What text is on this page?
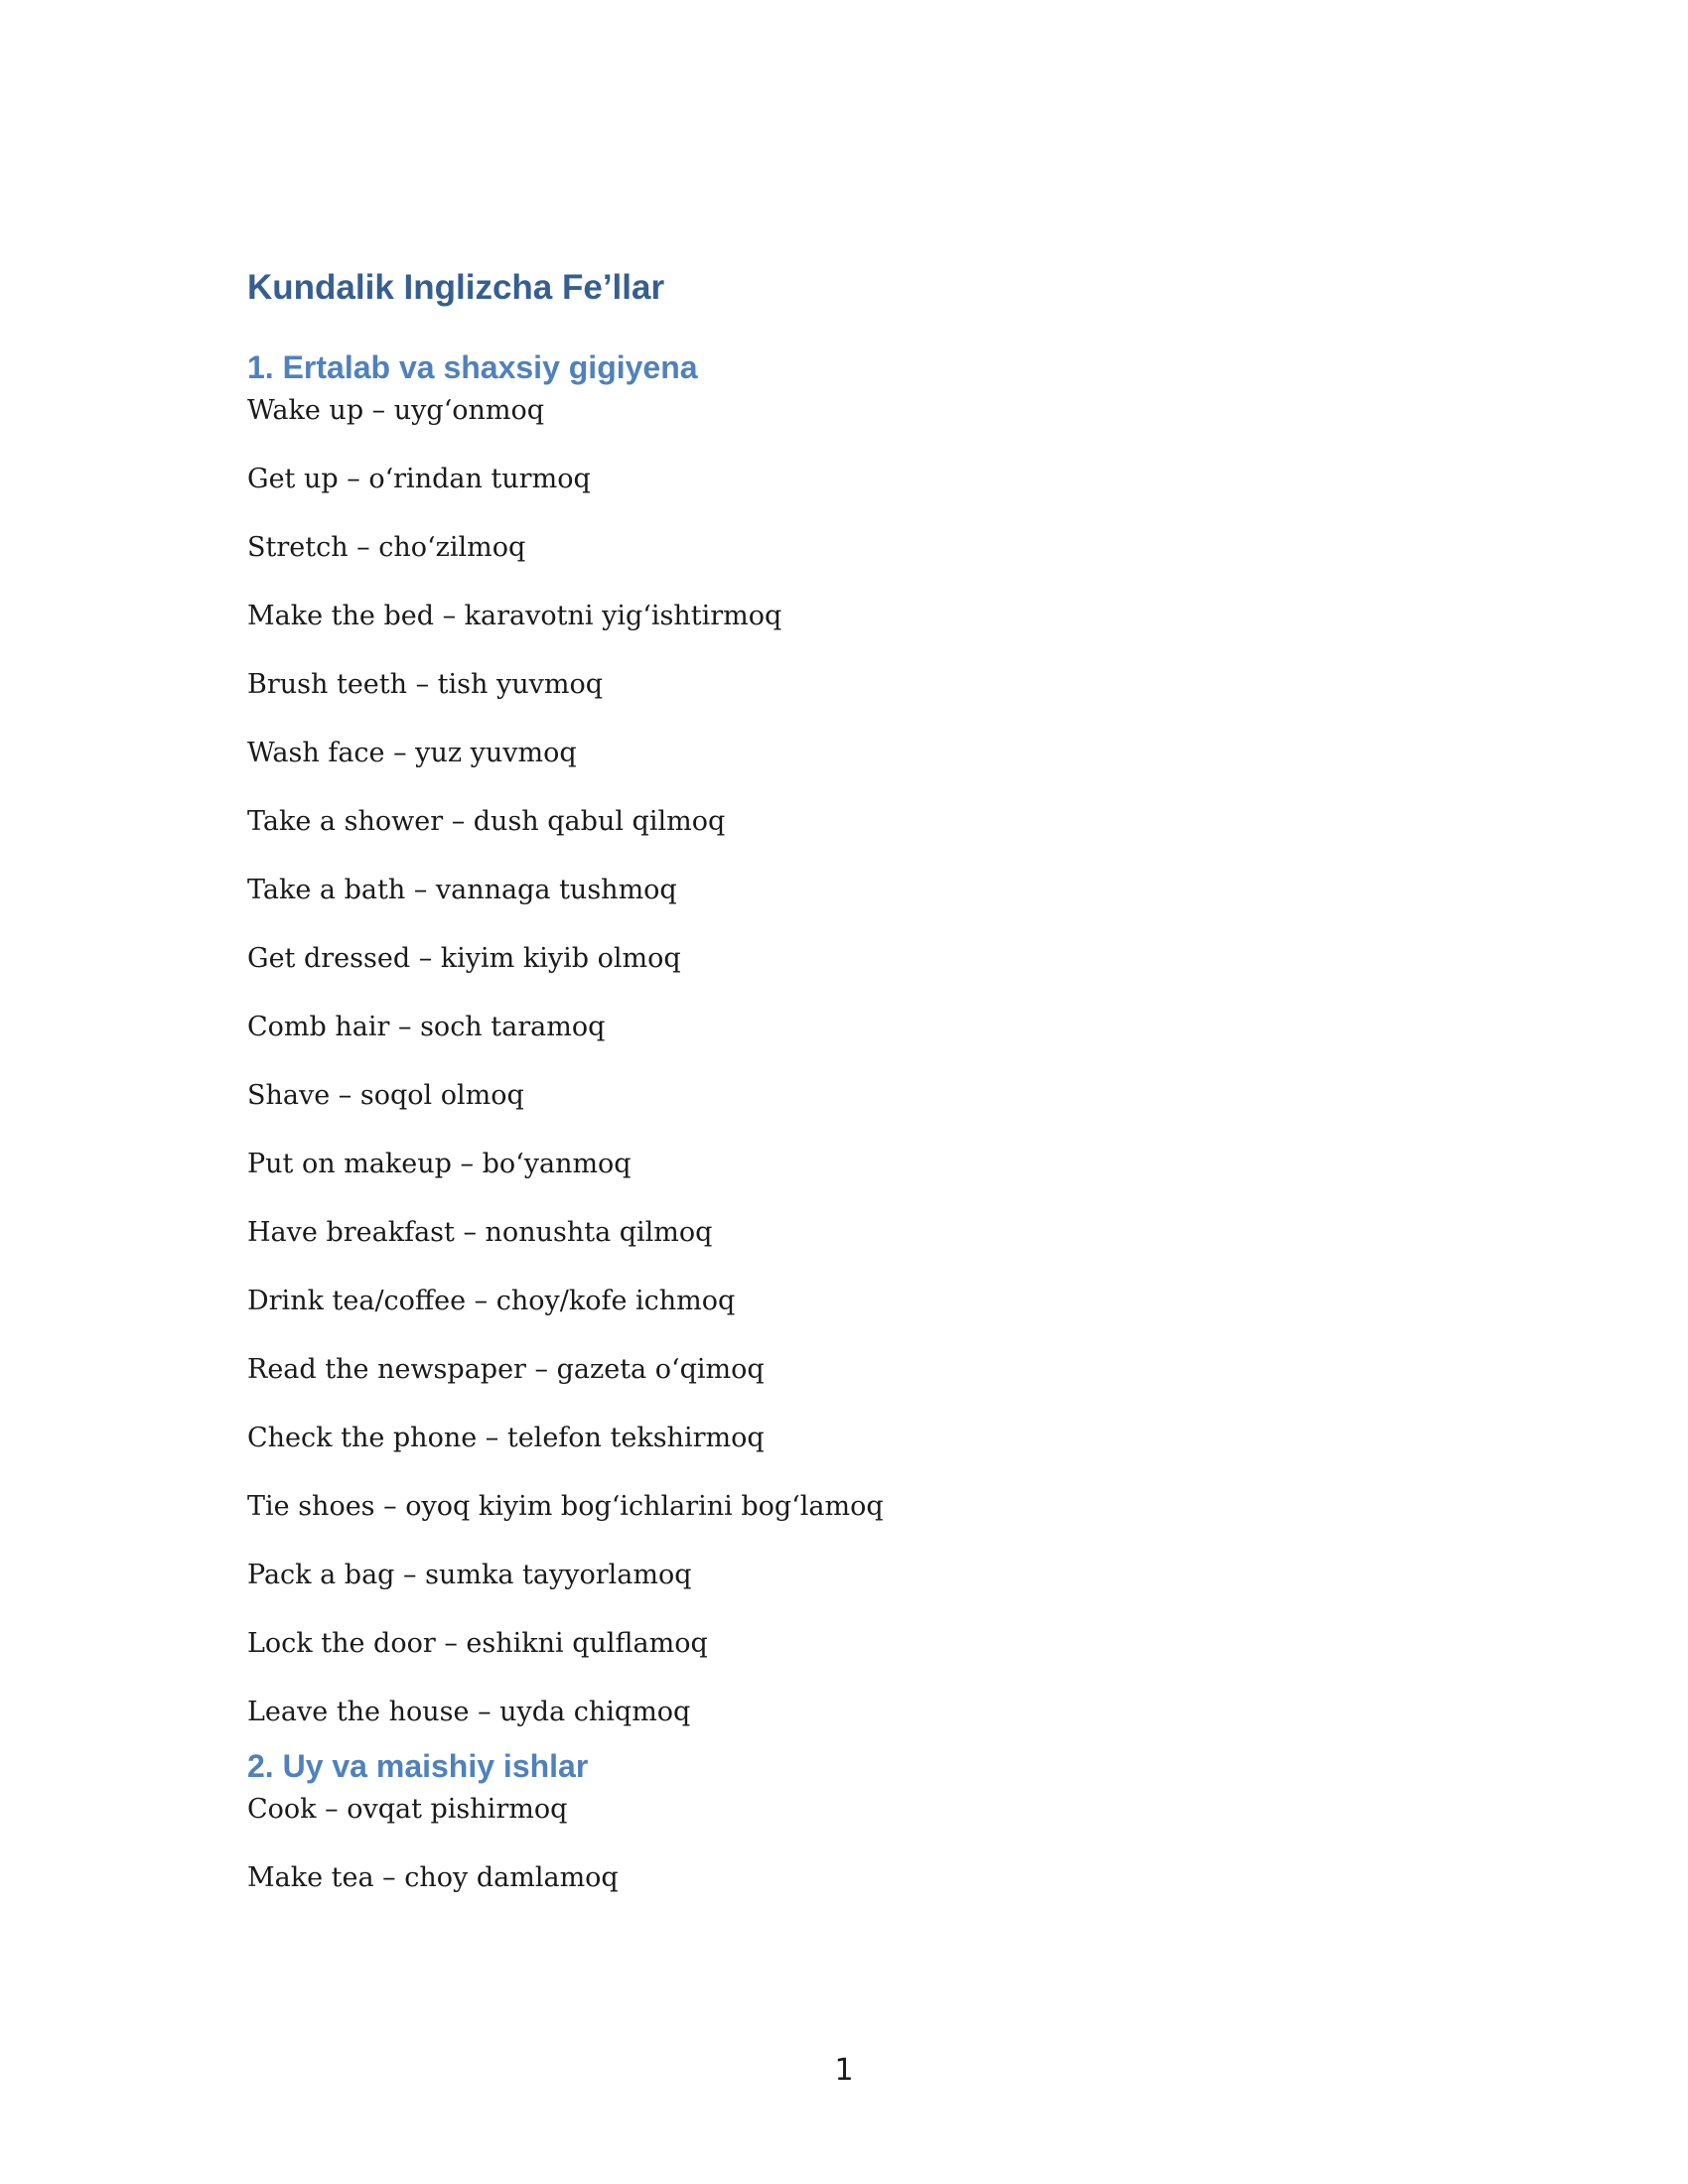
Kundalik Inglizcha Fe’llar
1. Ertalab va shaxsiy gigiyena

Wake up – uyg‘onmoq

Get up – o‘rindan turmoq

Stretch – cho‘zilmoq

Make the bed – karavotni yig‘ishtirmoq

Brush teeth – tish yuvmoq

Wash face – yuz yuvmoq

Take a shower – dush qabul qilmoq

Take a bath – vannaga tushmoq

Get dressed – kiyim kiyib olmoq

Comb hair – soch taramoq

Shave – soqol olmoq

Put on makeup – bo‘yanmoq

Have breakfast – nonushta qilmoq

Drink tea/coffee – choy/kofe ichmoq

Read the newspaper – gazeta o‘qimoq

Check the phone – telefon tekshirmoq

Tie shoes – oyoq kiyim bog‘ichlarini bog‘lamoq

Pack a bag – sumka tayyorlamoq

Lock the door – eshikni qulflamoq

Leave the house – uyda chiqmoq

2. Uy va maishiy ishlar

Cook – ovqat pishirmoq

Make tea – choy damlamoq

1
